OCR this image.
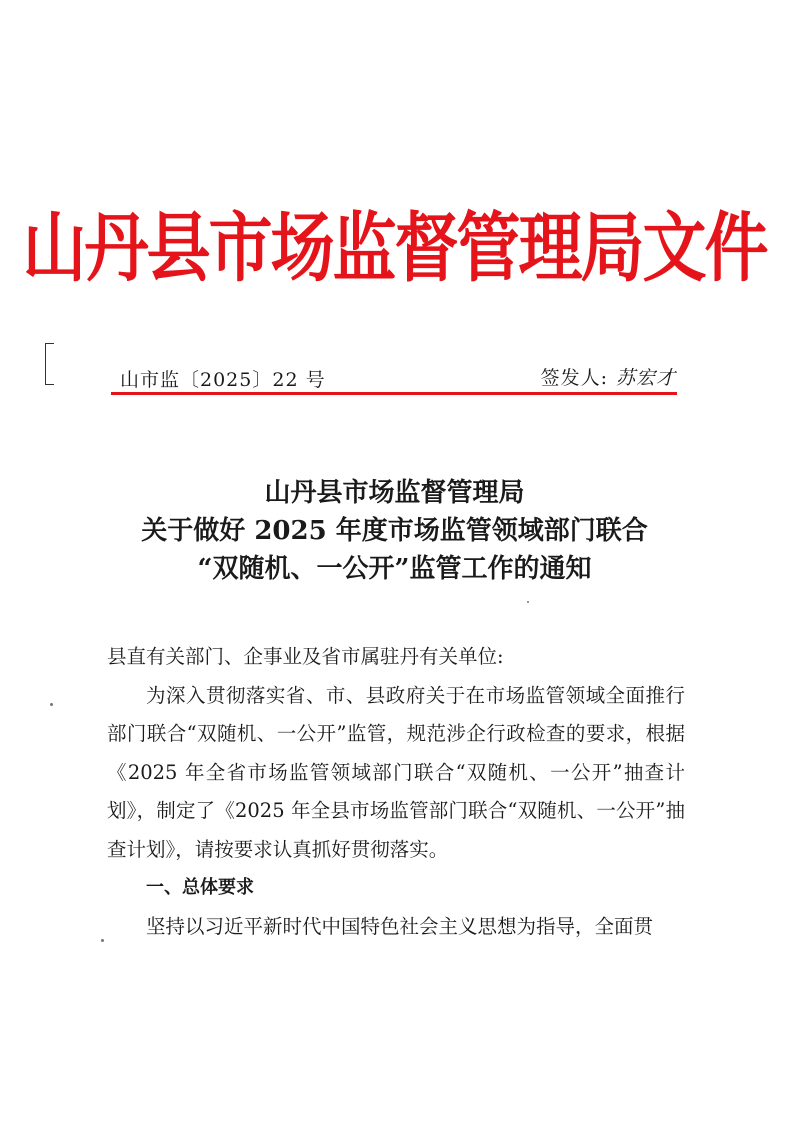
山丹县市场监督管理局文件
山市监〔2025〕22 号	签发人: 苏宏才
山丹县市场监督管理局
关于做好 2025 年度市场监管领域部门联合
“双随机、一公开”监管工作的通知

县直有关部门、企事业及省市属驻丹有关单位:

为深入贯彻落实省、市、县政府关于在市场监管领域全面推行部门联合“双随机、一公开”监管，规范涉企行政检查的要求，根据《2025 年全省市场监管领域部门联合“双随机、一公开”抽查计划》，制定了《2025 年全县市场监管部门联合“双随机、一公开”抽查计划》，请按要求认真抓好贯彻落实。

一、总体要求

坚持以习近平新时代中国特色社会主义思想为指导，全面贯
